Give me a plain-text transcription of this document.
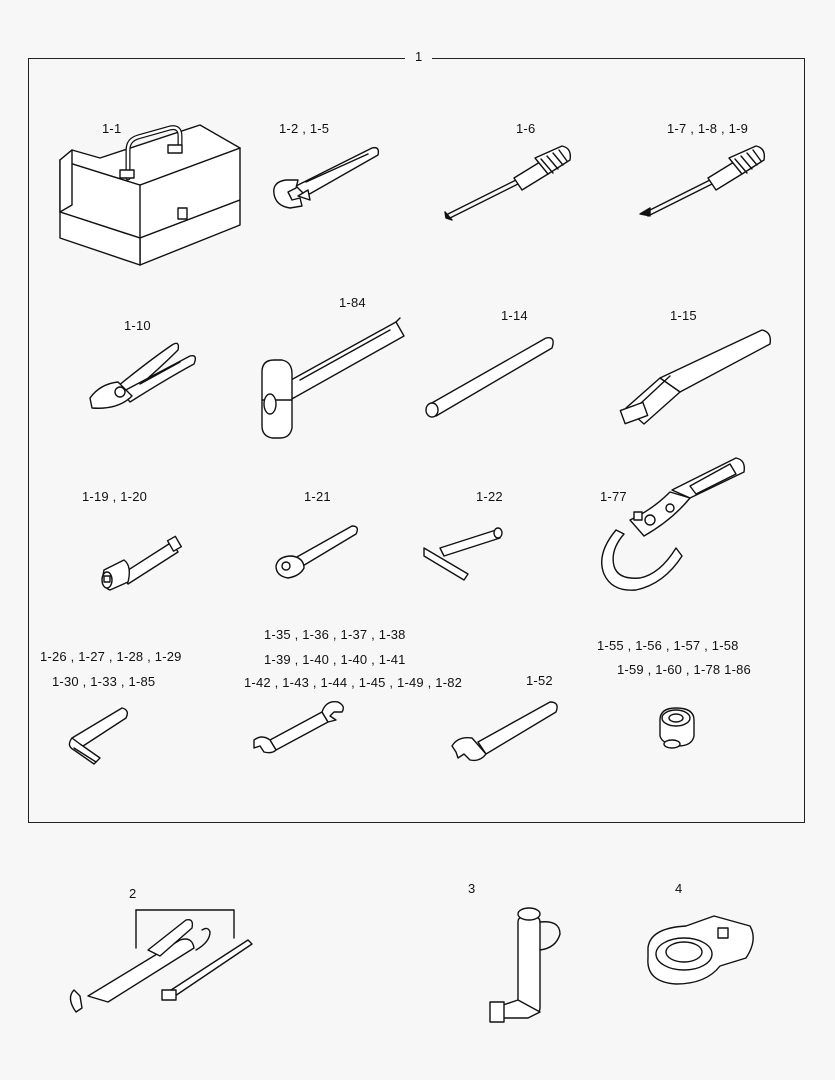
1
1-1	1-2 , 1-5	1-6	1-7 , 1-8 , 1-9
1-84
1-10
1-14	1-15
1-19 , 1-20	1-21	1-22	1-77
1-35 , 1-36 , 1-37 , 1-38
1-39 , 1-40 , 1-40 , 1-41
1-42 , 1-43 , 1-44 , 1-45 , 1-49 , 1-82
1-26 , 1-27 , 1-28 , 1-29
1-30 , 1-33 , 1-85	1-52
1-55 , 1-56 , 1-57 , 1-58
1-59 , 1-60 , 1-78 1-86
2	3	4
